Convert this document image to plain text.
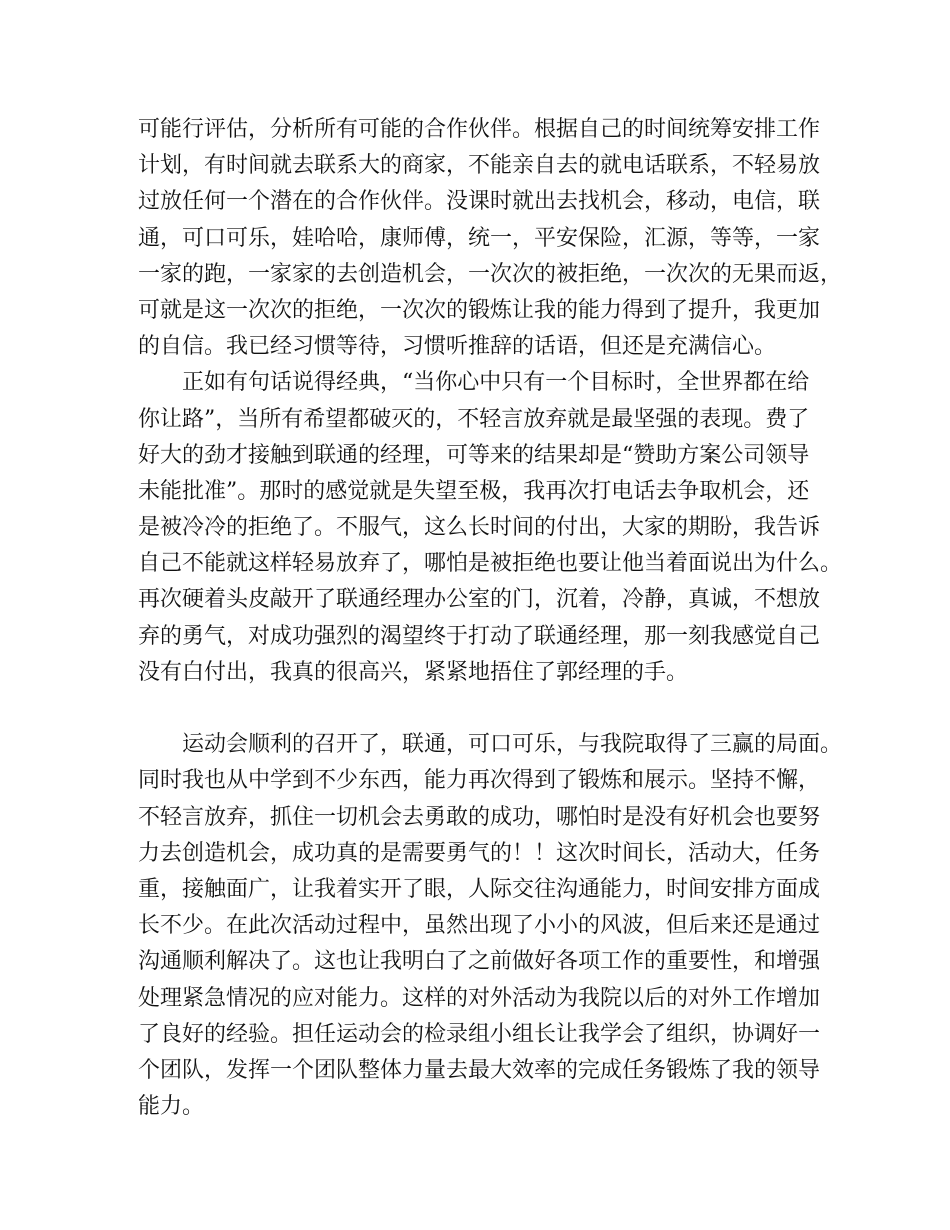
可能行评估，分析所有可能的合作伙伴。根据自己的时间统筹安排工作
计划，有时间就去联系大的商家，不能亲自去的就电话联系，不轻易放
过放任何一个潜在的合作伙伴。没课时就出去找机会，移动，电信，联
通，可口可乐，娃哈哈，康师傅，统一，平安保险，汇源，等等，一家
一家的跑，一家家的去创造机会，一次次的被拒绝，一次次的无果而返，
可就是这一次次的拒绝，一次次的锻炼让我的能力得到了提升，我更加
的自信。我已经习惯等待，习惯听推辞的话语，但还是充满信心。
正如有句话说得经典，“当你心中只有一个目标时，全世界都在给
你让路”，当所有希望都破灭的，不轻言放弃就是最坚强的表现。费了
好大的劲才接触到联通的经理，可等来的结果却是“赞助方案公司领导
未能批准”。那时的感觉就是失望至极，我再次打电话去争取机会，还
是被冷冷的拒绝了。不服气，这么长时间的付出，大家的期盼，我告诉
自己不能就这样轻易放弃了，哪怕是被拒绝也要让他当着面说出为什么。
再次硬着头皮敲开了联通经理办公室的门，沉着，冷静，真诚，不想放
弃的勇气，对成功强烈的渴望终于打动了联通经理，那一刻我感觉自己
没有白付出，我真的很高兴，紧紧地捂住了郭经理的手。
运动会顺利的召开了，联通，可口可乐，与我院取得了三赢的局面。
同时我也从中学到不少东西，能力再次得到了锻炼和展示。坚持不懈，
不轻言放弃，抓住一切机会去勇敢的成功，哪怕时是没有好机会也要努
力去创造机会，成功真的是需要勇气的！！这次时间长，活动大，任务
重，接触面广，让我着实开了眼，人际交往沟通能力，时间安排方面成
长不少。在此次活动过程中，虽然出现了小小的风波，但后来还是通过
沟通顺利解决了。这也让我明白了之前做好各项工作的重要性，和增强
处理紧急情况的应对能力。这样的对外活动为我院以后的对外工作增加
了良好的经验。担任运动会的检录组小组长让我学会了组织，协调好一
个团队，发挥一个团队整体力量去最大效率的完成任务锻炼了我的领导
能力。
